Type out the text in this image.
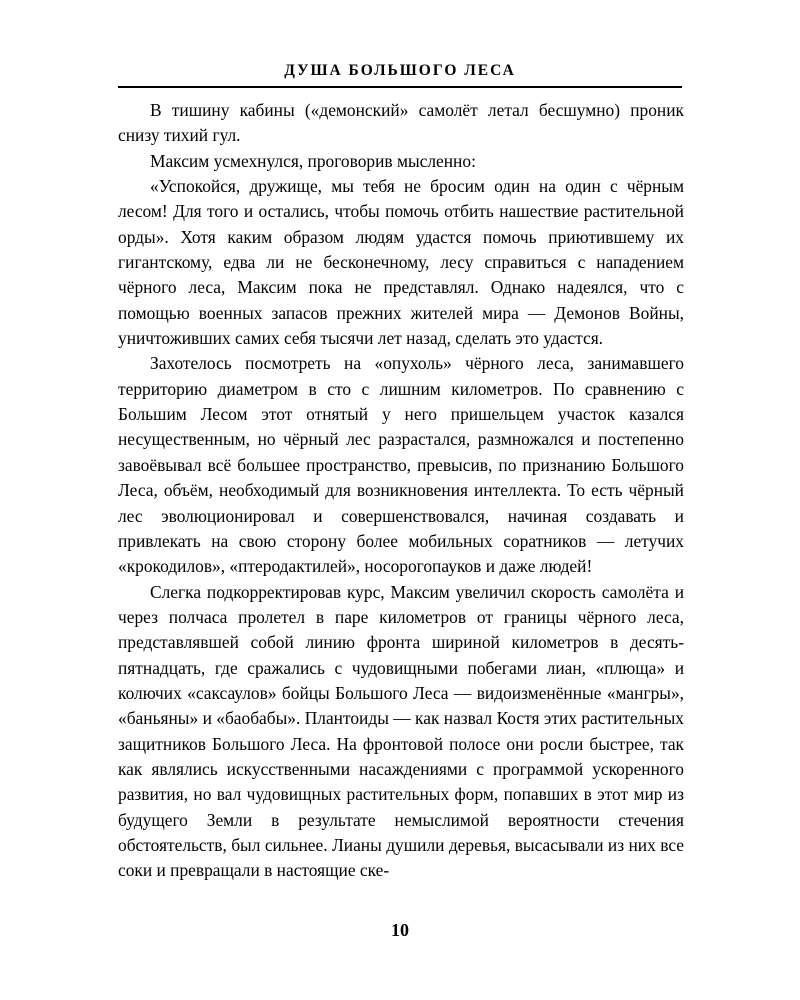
ДУША БОЛЬШОГО ЛЕСА

В тишину кабины («демонский» самолёт летал бесшумно) проник снизу тихий гул.

Максим усмехнулся, проговорив мысленно:

«Успокойся, дружище, мы тебя не бросим один на один с чёрным лесом! Для того и остались, чтобы помочь отбить нашествие растительной орды». Хотя каким образом людям удастся помочь приютившему их гигантскому, едва ли не бесконечному, лесу справиться с нападением чёрного леса, Максим пока не представлял. Однако надеялся, что с помощью военных запасов прежних жителей мира — Демонов Войны, уничтоживших самих себя тысячи лет назад, сделать это удастся.

Захотелось посмотреть на «опухоль» чёрного леса, занимавшего территорию диаметром в сто с лишним километров. По сравнению с Большим Лесом этот отнятый у него пришельцем участок казался несущественным, но чёрный лес разрастался, размножался и постепенно завоёвывал всё большее пространство, превысив, по признанию Большого Леса, объём, необходимый для возникновения интеллекта. То есть чёрный лес эволюционировал и совершенствовался, начиная создавать и привлекать на свою сторону более мобильных соратников — летучих «крокодилов», «птеродактилей», носорогопауков и даже людей!

Слегка подкорректировав курс, Максим увеличил скорость самолёта и через полчаса пролетел в паре километров от границы чёрного леса, представлявшей собой линию фронта шириной километров в десять-пятнадцать, где сражались с чудовищными побегами лиан, «плюща» и колючих «саксаулов» бойцы Большого Леса — видоизменённые «мангры», «баньяны» и «баобабы». Плантоиды — как назвал Костя этих растительных защитников Большого Леса. На фронтовой полосе они росли быстрее, так как являлись искусственными насаждениями с программой ускоренного развития, но вал чудовищных растительных форм, попавших в этот мир из будущего Земли в результате немыслимой вероятности стечения обстоятельств, был сильнее. Лианы душили деревья, высасывали из них все соки и превращали в настоящие ске-

10
